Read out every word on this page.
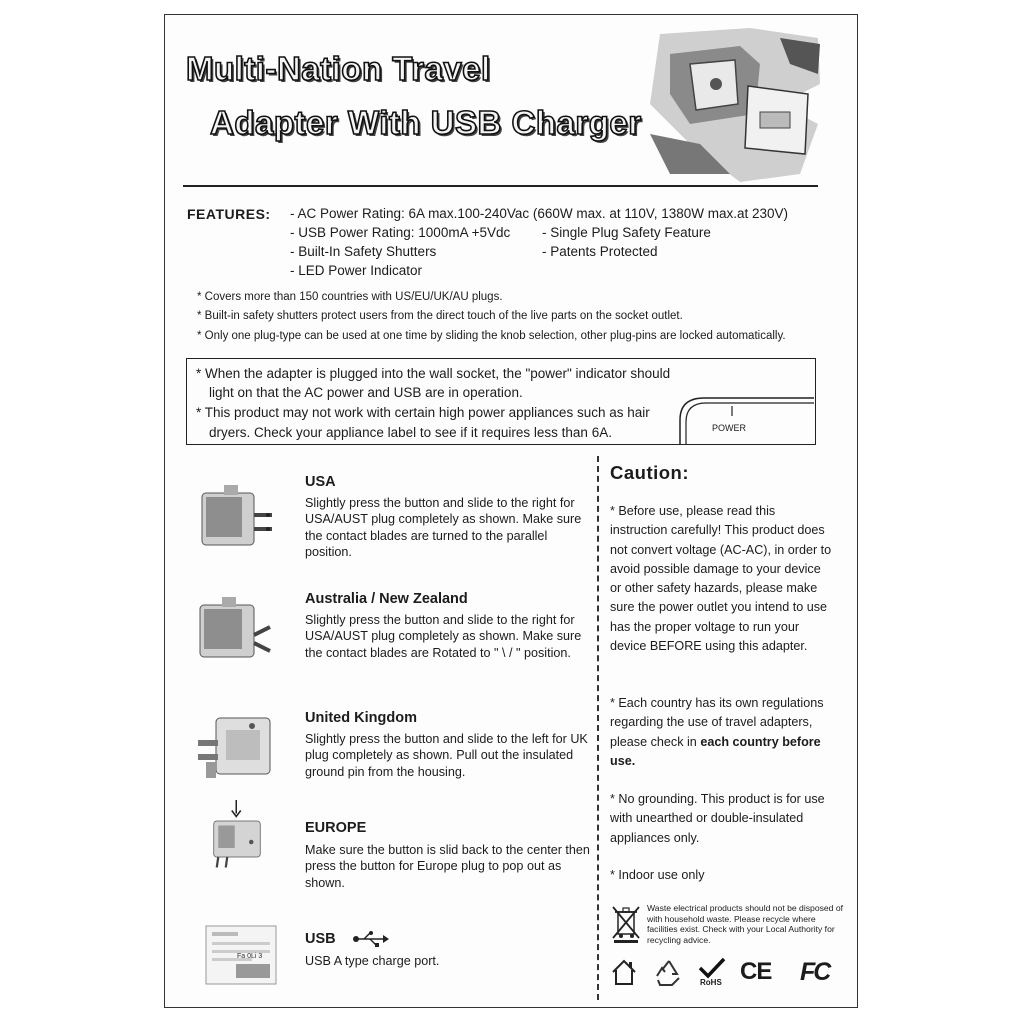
Multi-Nation Travel
Adapter With USB Charger
FEATURES: - AC Power Rating: 6A max.100-240Vac (660W max. at 110V, 1380W max.at 230V)
- USB Power Rating: 1000mA +5Vdc - Single Plug Safety Feature
- Built-In Safety Shutters	- Patents Protected
- LED Power Indicator
* Covers more than 150 countries with US/EU/UK/AU plugs.
* Built-in safety shutters protect users from the direct touch of the live parts on the socket outlet.
* Only one plug-type can be used at one time by sliding the knob selection, other plug-pins are locked automatically.
* When the adapter is plugged into the wall socket, the "power" indicator should
light on that the AC power and USB are in operation.
* This product may not work with certain high power appliances such as hair
dryers. Check your appliance label to see if it requires less than 6A.	POWER
Fa 0Li 3
USA
Slightly press the button and slide to the right for USA/AUST plug completely as shown. Make sure the contact blades are turned to the parallel position.
Australia / New Zealand
Slightly press the button and slide to the right for USA/AUST plug completely as shown. Make sure the contact blades are Rotated to " \ / " position.
United Kingdom
Slightly press the button and slide to the left for UK plug completely as shown. Pull out the insulated ground pin from the housing.
EUROPE
Make sure the button is slid back to the center then press the button for Europe plug to pop out as shown.
USB
USB A type charge port.
Caution:
* Before use, please read this instruction carefully! This product does not convert voltage (AC-AC), in order to avoid possible damage to your device or other safety hazards, please make sure the power outlet you intend to use has the proper voltage to run your device BEFORE using this adapter.
* Each country has its own regulations regarding the use of travel adapters, please check in each country before use.
* No grounding. This product is for use with unearthed or double-insulated appliances only.
* Indoor use only
Waste electrical products should not be disposed of with household waste. Please recycle where facilities exist. Check with your Local Authority for recycling advice.
RoHS CE FC
